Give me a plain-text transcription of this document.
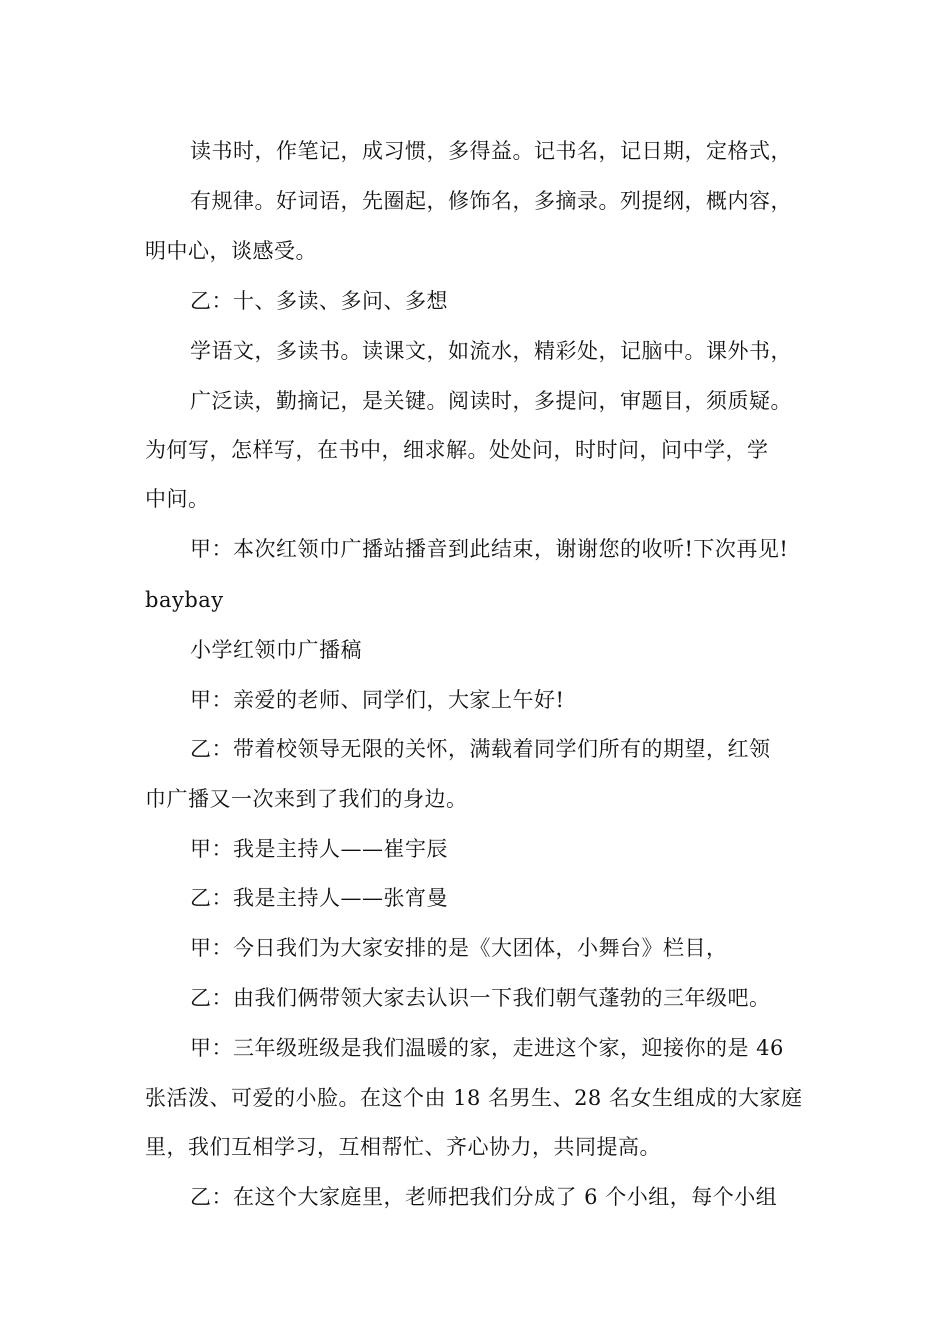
读书时，作笔记，成习惯，多得益。记书名，记日期，定格式，
有规律。好词语，先圈起，修饰名，多摘录。列提纲，概内容，
明中心，谈感受。
乙：十、多读、多问、多想
学语文，多读书。读课文，如流水，精彩处，记脑中。课外书，
广泛读，勤摘记，是关键。阅读时，多提问，审题目，须质疑。
为何写，怎样写，在书中，细求解。处处问，时时问，问中学，学
中问。
甲：本次红领巾广播站播音到此结束，谢谢您的收听!下次再见!
baybay
小学红领巾广播稿
甲：亲爱的老师、同学们，大家上午好!
乙：带着校领导无限的关怀，满载着同学们所有的期望，红领
巾广播又一次来到了我们的身边。
甲：我是主持人——崔宇辰
乙：我是主持人——张宵曼
甲：今日我们为大家安排的是《大团体，小舞台》栏目，
乙：由我们俩带领大家去认识一下我们朝气蓬勃的三年级吧。
甲：三年级班级是我们温暖的家，走进这个家，迎接你的是 46
张活泼、可爱的小脸。在这个由 18 名男生、28 名女生组成的大家庭
里，我们互相学习，互相帮忙、齐心协力，共同提高。
乙：在这个大家庭里，老师把我们分成了 6 个小组，每个小组
